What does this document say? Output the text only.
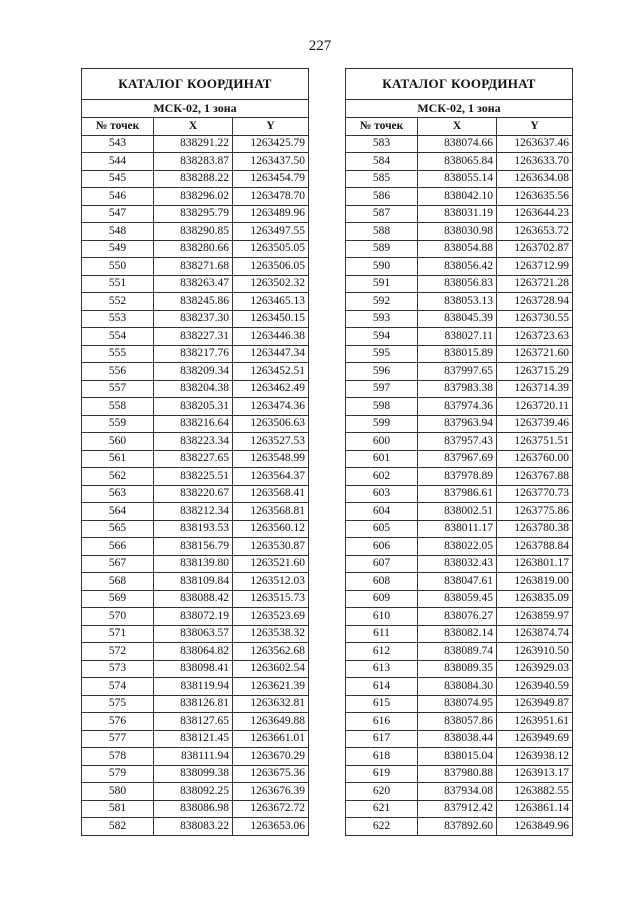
227
КАТАЛОГ КООРДИНАТ		
МСК-02, 1 зона		
№ точек	X	Y
543	838291.22	1263425.79
544	838283.87	1263437.50
545	838288.22	1263454.79
546	838296.02	1263478.70
547	838295.79	1263489.96
548	838290.85	1263497.55
549	838280.66	1263505.05
550	838271.68	1263506.05
551	838263.47	1263502.32
552	838245.86	1263465.13
553	838237.30	1263450.15
554	838227.31	1263446.38
555	838217.76	1263447.34
556	838209.34	1263452.51
557	838204.38	1263462.49
558	838205.31	1263474.36
559	838216.64	1263506.63
560	838223.34	1263527.53
561	838227.65	1263548.99
562	838225.51	1263564.37
563	838220.67	1263568.41
564	838212.34	1263568.81
565	838193.53	1263560.12
566	838156.79	1263530.87
567	838139.80	1263521.60
568	838109.84	1263512.03
569	838088.42	1263515.73
570	838072.19	1263523.69
571	838063.57	1263538.32
572	838064.82	1263562.68
573	838098.41	1263602.54
574	838119.94	1263621.39
575	838126.81	1263632.81
576	838127.65	1263649.88
577	838121.45	1263661.01
578	838111.94	1263670.29
579	838099.38	1263675.36
580	838092.25	1263676.39
581	838086.98	1263672.72
582	838083.22	1263653.06
КАТАЛОГ КООРДИНАТ		
МСК-02, 1 зона		
№ точек	X	Y
583	838074.66	1263637.46
584	838065.84	1263633.70
585	838055.14	1263634.08
586	838042.10	1263635.56
587	838031.19	1263644.23
588	838030.98	1263653.72
589	838054.88	1263702.87
590	838056.42	1263712.99
591	838056.83	1263721.28
592	838053.13	1263728.94
593	838045.39	1263730.55
594	838027.11	1263723.63
595	838015.89	1263721.60
596	837997.65	1263715.29
597	837983.38	1263714.39
598	837974.36	1263720.11
599	837963.94	1263739.46
600	837957.43	1263751.51
601	837967.69	1263760.00
602	837978.89	1263767.88
603	837986.61	1263770.73
604	838002.51	1263775.86
605	838011.17	1263780.38
606	838022.05	1263788.84
607	838032.43	1263801.17
608	838047.61	1263819.00
609	838059.45	1263835.09
610	838076.27	1263859.97
611	838082.14	1263874.74
612	838089.74	1263910.50
613	838089.35	1263929.03
614	838084.30	1263940.59
615	838074.95	1263949.87
616	838057.86	1263951.61
617	838038.44	1263949.69
618	838015.04	1263938.12
619	837980.88	1263913.17
620	837934.08	1263882.55
621	837912.42	1263861.14
622	837892.60	1263849.96
